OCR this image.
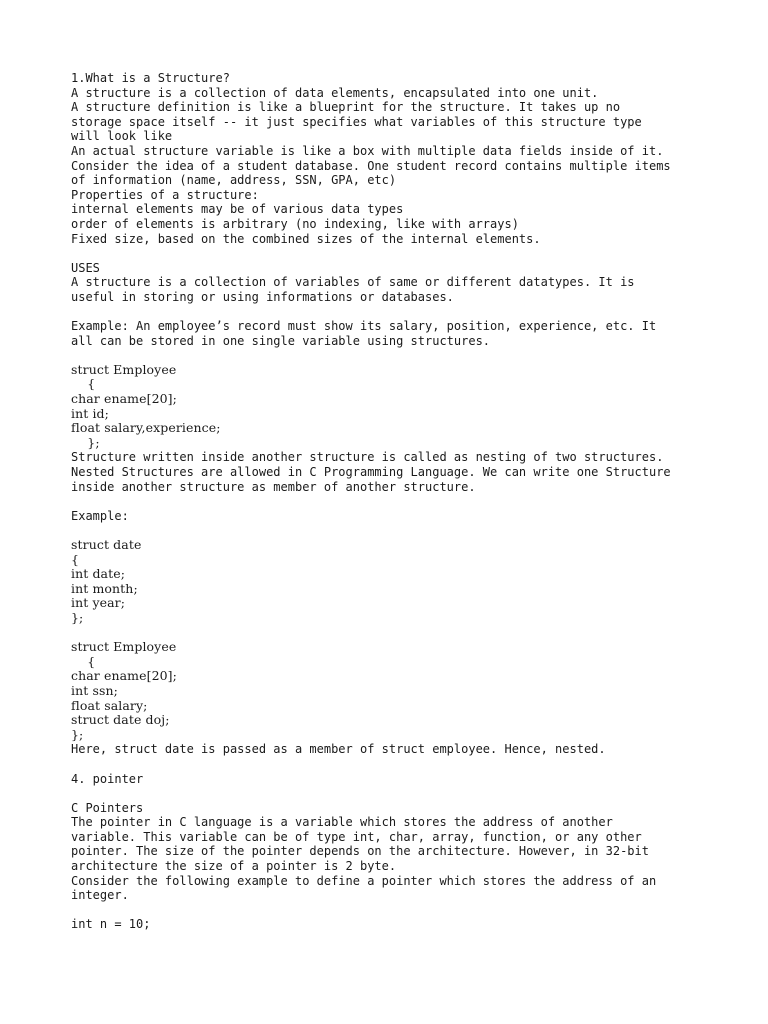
1.What is a Structure?
A structure is a collection of data elements, encapsulated into one unit.
A structure definition is like a blueprint for the structure. It takes up no
storage space itself -- it just specifies what variables of this structure type
will look like
An actual structure variable is like a box with multiple data fields inside of it.
Consider the idea of a student database. One student record contains multiple items
of information (name, address, SSN, GPA, etc)
Properties of a structure:
internal elements may be of various data types
order of elements is arbitrary (no indexing, like with arrays)
Fixed size, based on the combined sizes of the internal elements.
USES
A structure is a collection of variables of same or different datatypes. It is
useful in storing or using informations or databases.
Example: An employee’s record must show its salary, position, experience, etc. It
all can be stored in one single variable using structures.
struct Employee
{
char ename[20];
int id;
float salary,experience;
};
Structure written inside another structure is called as nesting of two structures.
Nested Structures are allowed in C Programming Language. We can write one Structure
inside another structure as member of another structure.
Example:
struct date
{
int date;
int month;
int year;
};
struct Employee
{
char ename[20];
int ssn;
float salary;
struct date doj;
};
Here, struct date is passed as a member of struct employee. Hence, nested.
4. pointer
C Pointers
The pointer in C language is a variable which stores the address of another
variable. This variable can be of type int, char, array, function, or any other
pointer. The size of the pointer depends on the architecture. However, in 32-bit
architecture the size of a pointer is 2 byte.
Consider the following example to define a pointer which stores the address of an
integer.
int n = 10;
